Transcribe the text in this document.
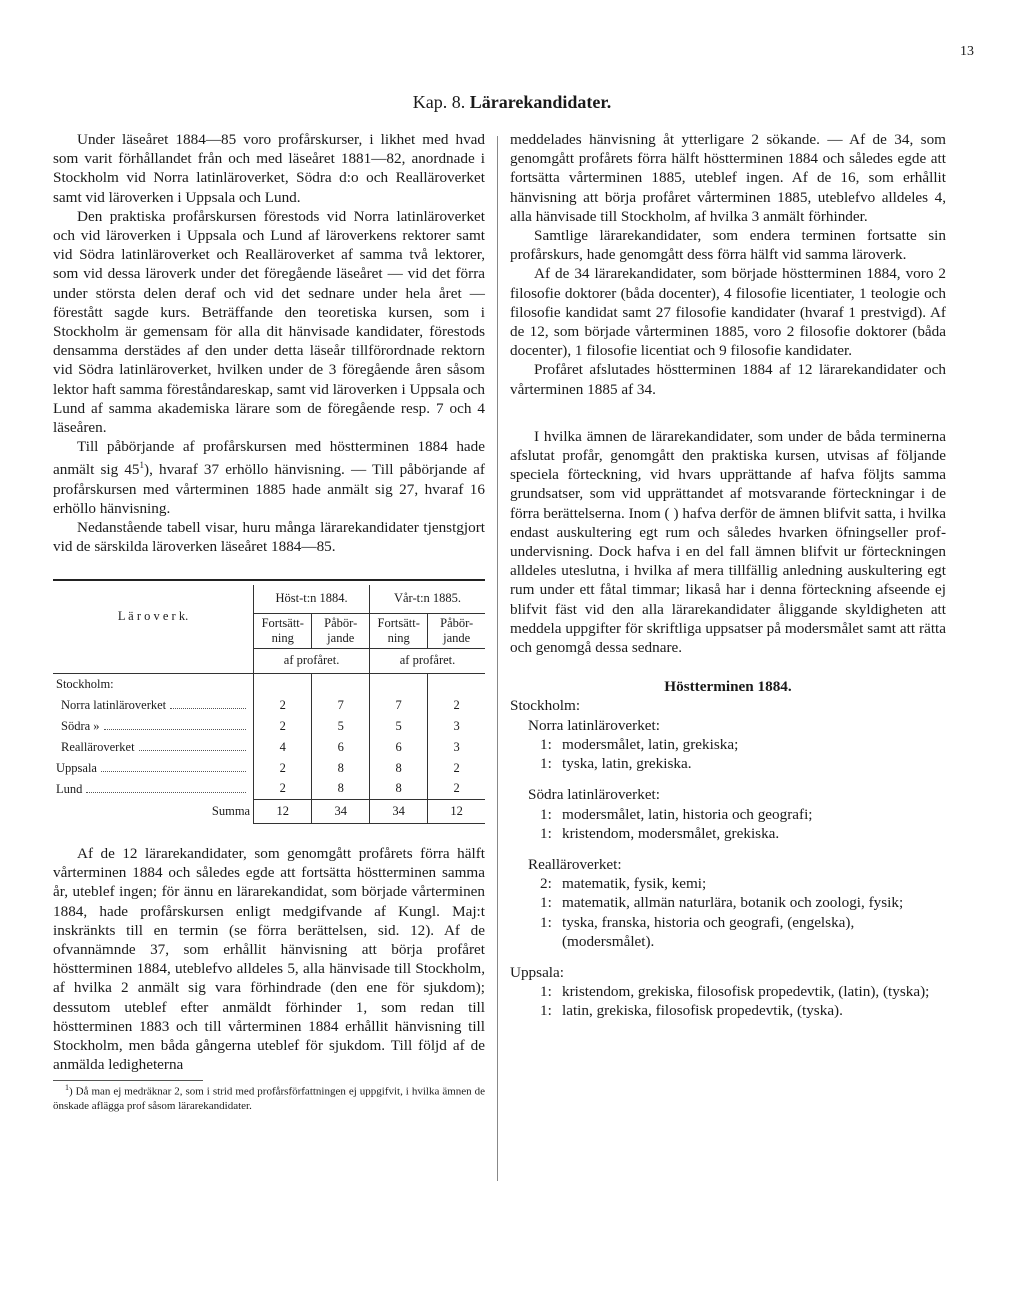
13
Kap. 8. Lärarekandidater.

Under läseåret 1884—85 voro profårskurser, i likhet med hvad som varit förhållandet från och med läseåret 1881—82, anordnade i Stockholm vid Norra latinläroverket, Södra d:o och Realläroverket samt vid läroverken i Uppsala och Lund.

Den praktiska profårskursen förestods vid Norra latinläroverket och vid läroverken i Uppsala och Lund af läroverkens rektorer samt vid Södra latinläroverket och Realläroverket af samma två lektorer, som vid dessa läroverk under det föregående läseåret — vid det förra under största delen deraf och vid det sednare under hela året — förestått sagde kurs. Beträffande den teoretiska kursen, som i Stockholm är gemensam för alla dit hänvisade kandidater, förestods densamma derstädes af den under detta läseår tillförordnade rektorn vid Södra latinläroverket, hvilken under de 3 föregående åren såsom lektor haft samma föreståndareskap, samt vid läroverken i Uppsala och Lund af samma akademiska lärare som de föregående resp. 7 och 4 läseåren.

Till påbörjande af profårskursen med höstterminen 1884 hade anmält sig $45^1$), hvaraf 37 erhöllo hänvisning. — Till påbörjande af profårskursen med vårterminen 1885 hade anmält sig 27, hvaraf 16 erhöllo hänvisning.

Nedanstående tabell visar, huru många lärarekandidater tjenstgjort vid de särskilda läroverken läseåret 1884—85.

L ä r o v e r k.	Höst-t:n 1884.		Vår-t:n 1885.	
	Fortsätt-ning	Påbör-jande	Fortsätt-ning	Påbör-jande
	af profåret.		af profåret.	
Stockholm:				

Norra latinläroverket	2	7	7	2

Södra »	2	5	5	3

Realläroverket	4	6	6	3

Uppsala	2	8	8	2

Lund	2	8	8	2
Summa	12	34	34	12

Af de 12 lärarekandidater, som genomgått profårets förra hälft vårterminen 1884 och således egde att fortsätta höstterminen samma år, uteblef ingen; för ännu en lärarekandidat, som började vårterminen 1884, hade profårskursen enligt medgifvande af Kungl. Maj:t inskränkts till en termin (se förra berättelsen, sid. 12). Af de ofvannämnde 37, som erhållit hänvisning att börja profåret höstterminen 1884, uteblefvo alldeles 5, alla hänvisade till Stockholm, af hvilka 2 anmält sig vara förhindrade (den ene för sjukdom); dessutom uteblef efter anmäldt förhinder 1, som redan till höstterminen 1883 och till vårterminen 1884 erhållit hänvisning till Stockholm, men båda gångerna uteblef för sjukdom. Till följd af de anmälda ledigheterna

$^1$) Då man ej medräknar 2, som i strid med profårsförfattningen ej uppgifvit, i hvilka ämnen de önskade aflägga prof såsom lärarekandidater.

meddelades hänvisning åt ytterligare 2 sökande. — Af de 34, som genomgått profårets förra hälft höstterminen 1884 och således egde att fortsätta vårterminen 1885, uteblef ingen. Af de 16, som erhållit hänvisning att börja profåret vårterminen 1885, uteblefvo alldeles 4, alla hänvisade till Stockholm, af hvilka 3 anmält förhinder.

Samtlige lärarekandidater, som endera terminen fortsatte sin profårskurs, hade genomgått dess förra hälft vid samma läroverk.

Af de 34 lärarekandidater, som började höstterminen 1884, voro 2 filosofie doktorer (båda docenter), 4 filosofie licentiater, 1 teologie och filosofie kandidat samt 27 filosofie kandidater (hvaraf 1 prestvigd). Af de 12, som började vårterminen 1885, voro 2 filosofie doktorer (båda docenter), 1 filosofie licentiat och 9 filosofie kandidater.

Profåret afslutades höstterminen 1884 af 12 lärarekandidater och vårterminen 1885 af 34.

I hvilka ämnen de lärarekandidater, som under de båda terminerna afslutat profår, genomgått den praktiska kursen, utvisas af följande speciela förteckning, vid hvars upprättande af hafva följts samma grundsatser, som vid upprättandet af motsvarande förteckningar i de förra berättelserna. Inom ( ) hafva derför de ämnen blifvit satta, i hvilka endast auskultering egt rum och således hvarken öfningseller prof-undervisning. Dock hafva i en del fall ämnen blifvit ur förteckningen alldeles uteslutna, i hvilka af mera tillfällig anledning auskultering egt rum under ett fåtal timmar; likaså har i denna förteckning afseende ej blifvit fäst vid den alla lärarekandidater åliggande skyldigheten att meddela uppgifter för skriftliga uppsatser på modersmålet samt att rätta och genomgå dessa sednare.

Höstterminen 1884.
Stockholm:
Norra latinläroverket:
1: modersmålet, latin, grekiska;
1: tyska, latin, grekiska.
Södra latinläroverket:
1: modersmålet, latin, historia och geografi;
1: kristendom, modersmålet, grekiska.
Realläroverket:
2: matematik, fysik, kemi;
1: matematik, allmän naturlära, botanik och zoologi, fysik;
1: tyska, franska, historia och geografi, (engelska), (modersmålet).
Uppsala:
1: kristendom, grekiska, filosofisk propedevtik, (latin), (tyska);
1: latin, grekiska, filosofisk propedevtik, (tyska).
